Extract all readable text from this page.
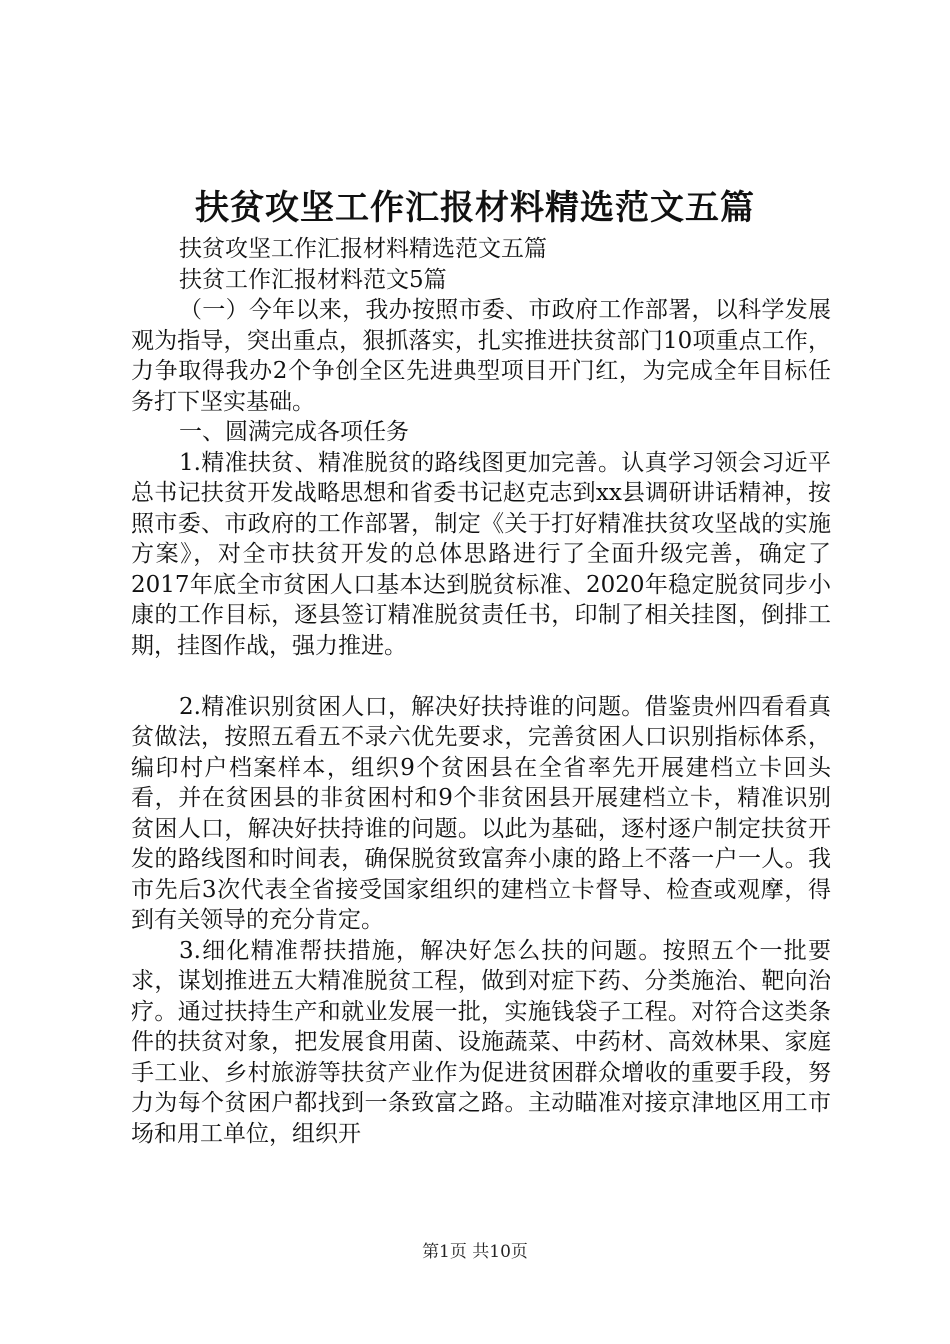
扶贫攻坚工作汇报材料精选范文五篇

扶贫攻坚工作汇报材料精选范文五篇

扶贫工作汇报材料范文5篇

（一）今年以来，我办按照市委、市政府工作部署，以科学发展观为指导，突出重点，狠抓落实，扎实推进扶贫部门10项重点工作，力争取得我办2个争创全区先进典型项目开门红，为完成全年目标任务打下坚实基础。

一、圆满完成各项任务

1.精准扶贫、精准脱贫的路线图更加完善。认真学习领会习近平总书记扶贫开发战略思想和省委书记赵克志到xx县调研讲话精神，按照市委、市政府的工作部署，制定《关于打好精准扶贫攻坚战的实施方案》，对全市扶贫开发的总体思路进行了全面升级完善，确定了2017年底全市贫困人口基本达到脱贫标准、2020年稳定脱贫同步小康的工作目标，逐县签订精准脱贫责任书，印制了相关挂图，倒排工期，挂图作战，强力推进。

2.精准识别贫困人口，解决好扶持谁的问题。借鉴贵州四看看真贫做法，按照五看五不录六优先要求，完善贫困人口识别指标体系，编印村户档案样本，组织9个贫困县在全省率先开展建档立卡回头看，并在贫困县的非贫困村和9个非贫困县开展建档立卡，精准识别贫困人口，解决好扶持谁的问题。以此为基础，逐村逐户制定扶贫开发的路线图和时间表，确保脱贫致富奔小康的路上不落一户一人。我市先后3次代表全省接受国家组织的建档立卡督导、检查或观摩，得到有关领导的充分肯定。

3.细化精准帮扶措施，解决好怎么扶的问题。按照五个一批要求，谋划推进五大精准脱贫工程，做到对症下药、分类施治、靶向治疗。通过扶持生产和就业发展一批，实施钱袋子工程。对符合这类条件的扶贫对象，把发展食用菌、设施蔬菜、中药材、高效林果、家庭手工业、乡村旅游等扶贫产业作为促进贫困群众增收的重要手段，努力为每个贫困户都找到一条致富之路。主动瞄准对接京津地区用工市场和用工单位，组织开

第1页 共10页
